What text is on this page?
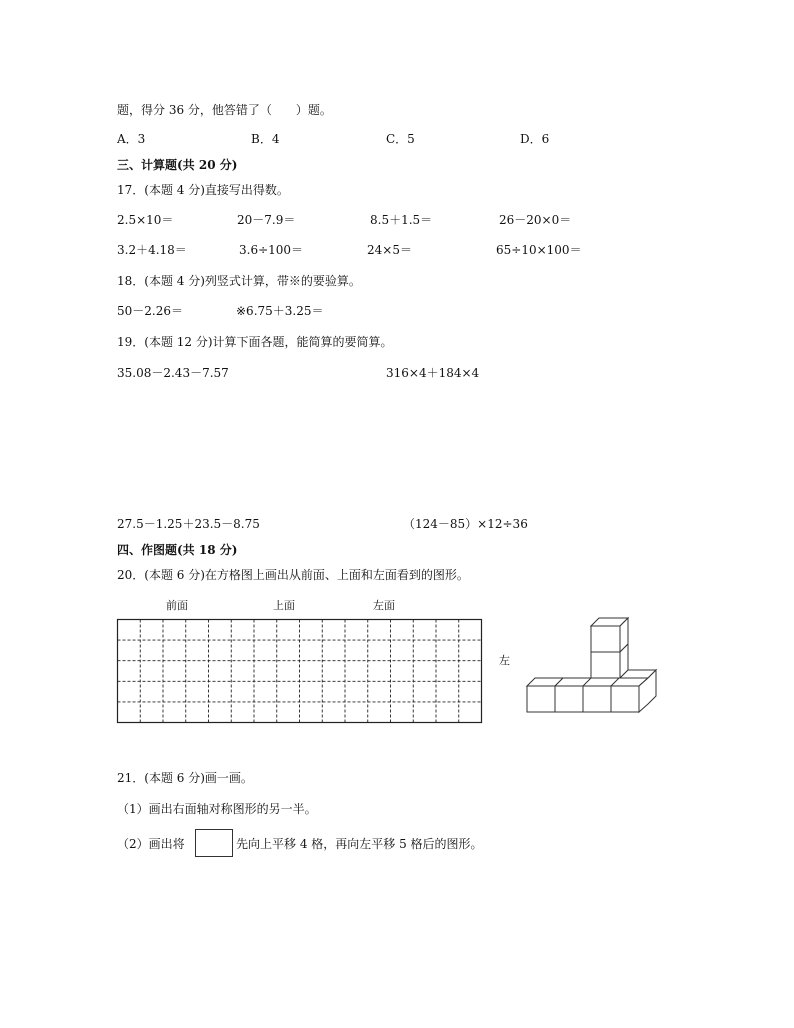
题，得分 36 分，他答错了（　　）题。
A．3	B．4	C．5	D．6
三、计算题(共 20 分)
17．(本题 4 分)直接写出得数。
2.5×10＝	20－7.9＝	8.5＋1.5＝	26－20×0＝
3.2＋4.18＝	3.6÷100＝	24×5＝	65÷10×100＝
18．(本题 4 分)列竖式计算，带※的要验算。
50－2.26＝	※6.75＋3.25＝
19．(本题 12 分)计算下面各题，能简算的要简算。
35.08－2.43－7.57	316×4＋184×4
27.5－1.25＋23.5－8.75	（124－85）×12÷36
四、作图题(共 18 分)
20．(本题 6 分)在方格图上画出从前面、上面和左面看到的图形。
前面	上面	左面
左
21．(本题 6 分)画一画。
（1）画出右面轴对称图形的另一半。
（2）画出将	先向上平移 4 格，再向左平移 5 格后的图形。
